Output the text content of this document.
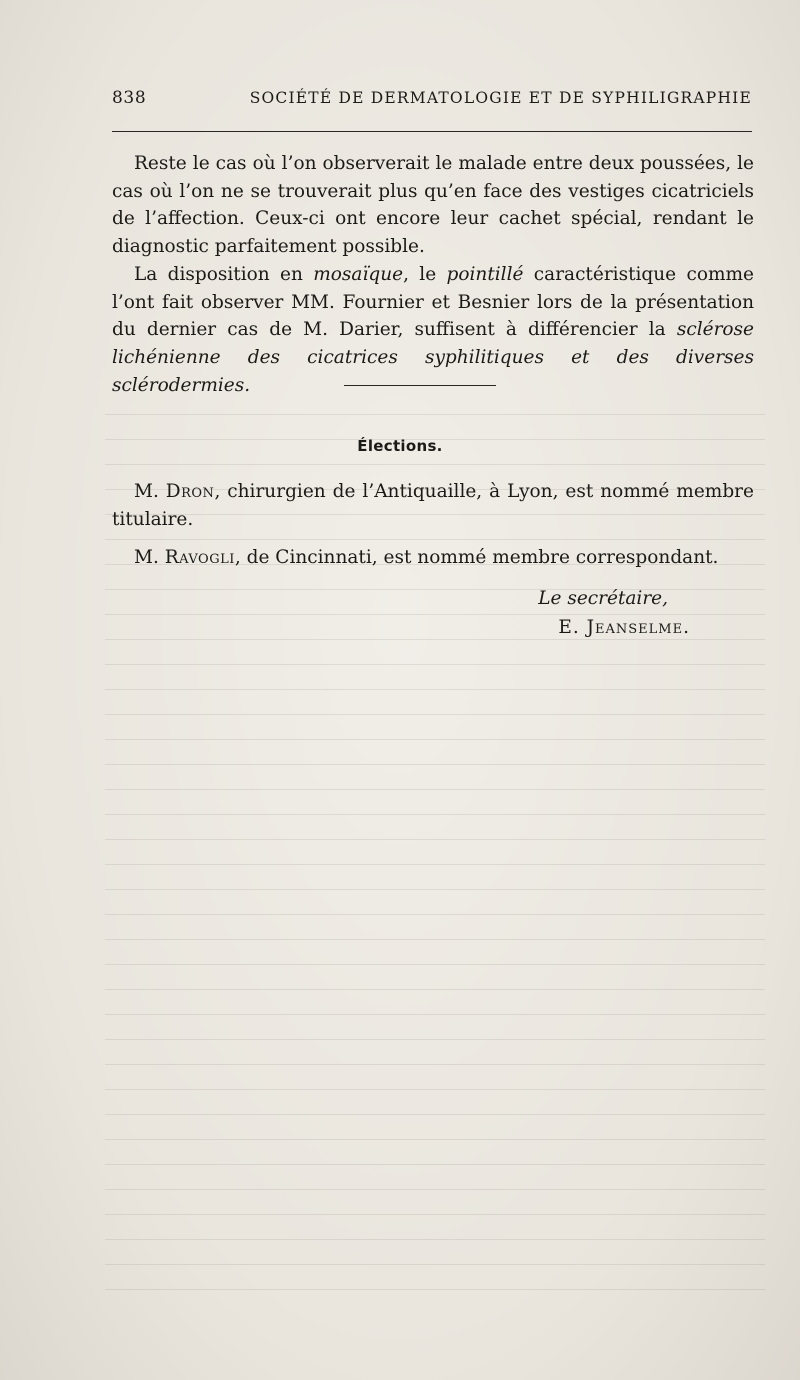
838	SOCIÉTÉ DE DERMATOLOGIE ET DE SYPHILIGRAPHIE

Reste le cas où l’on observerait le malade entre deux poussées, le cas où l’on ne se trouverait plus qu’en face des vestiges cicatriciels de l’affection. Ceux-ci ont encore leur cachet spécial, rendant le diagnostic parfaitement possible.

La disposition en mosaïque, le pointillé caractéristique comme l’ont fait observer MM. Fournier et Besnier lors de la présentation du dernier cas de M. Darier, suffisent à différencier la sclérose lichénienne des cicatrices syphilitiques et des diverses sclérodermies.

Élections.

M. Dron, chirurgien de l’Antiquaille, à Lyon, est nommé membre titulaire.

M. Ravogli, de Cincinnati, est nommé membre correspondant.

Le secrétaire,
E. Jeanselme.
